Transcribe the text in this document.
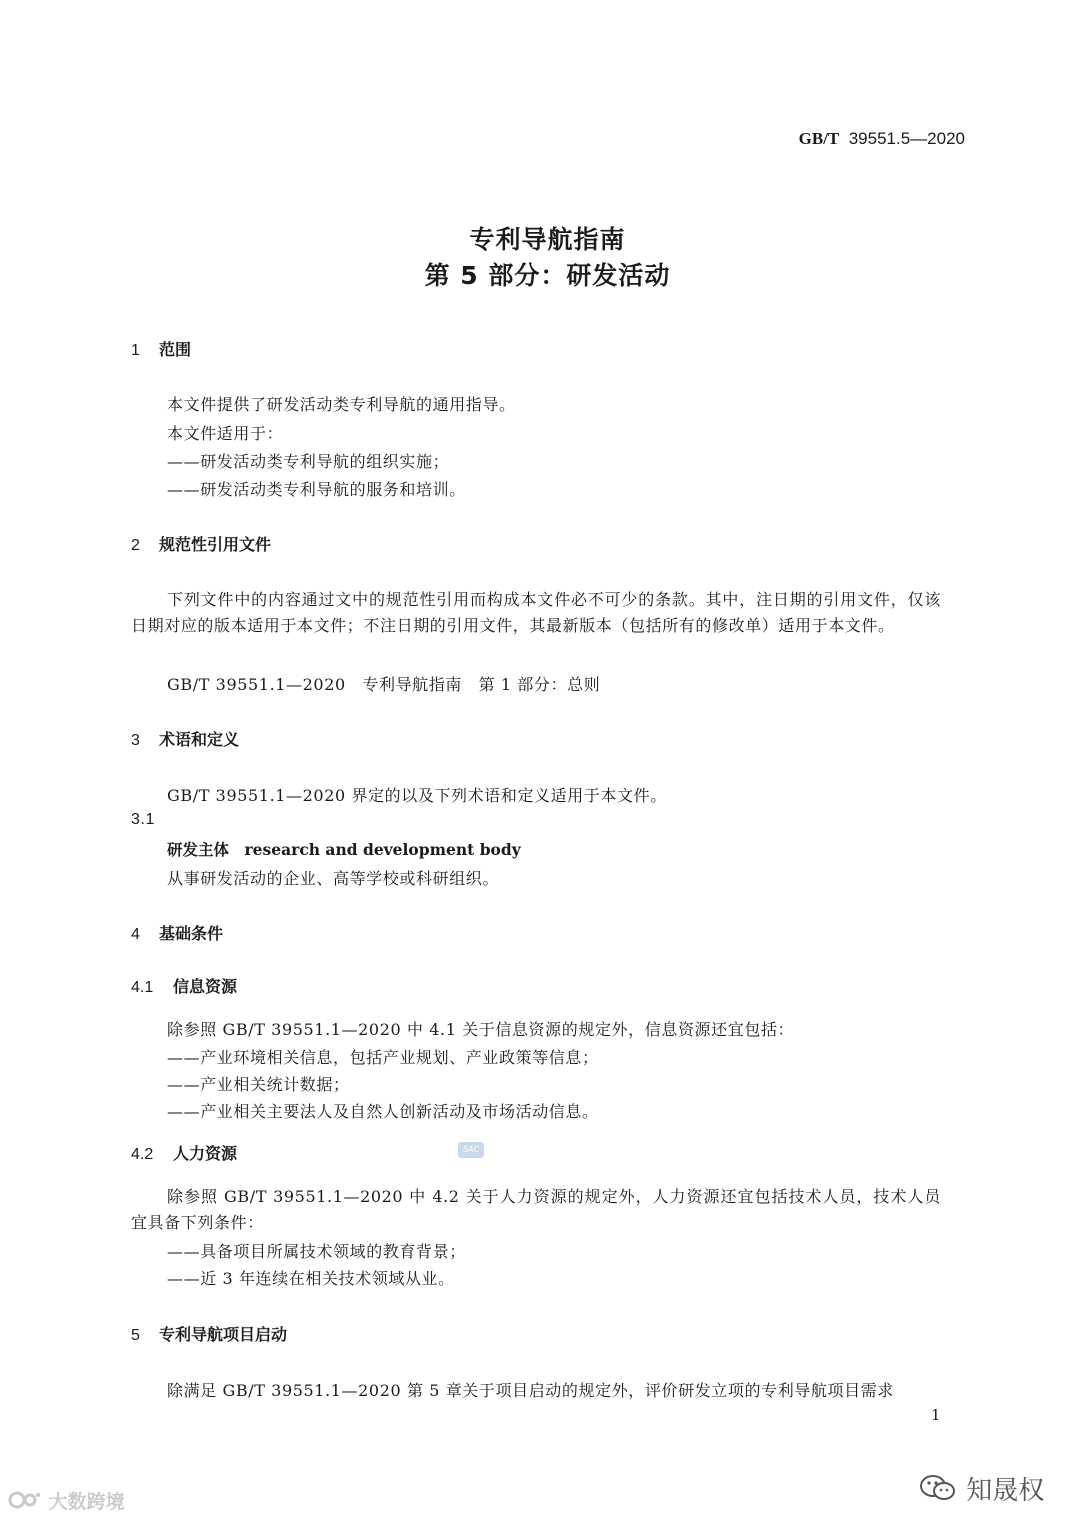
GB/T 39551.5—2020
专利导航指南
第 5 部分：研发活动
1 范围
本文件提供了研发活动类专利导航的通用指导。
本文件适用于：
——研发活动类专利导航的组织实施；
——研发活动类专利导航的服务和培训。
2 规范性引用文件
下列文件中的内容通过文中的规范性引用而构成本文件必不可少的条款。其中，注日期的引用文件，仅该日期对应的版本适用于本文件；不注日期的引用文件，其最新版本（包括所有的修改单）适用于本文件。
GB/T 39551.1—2020　专利导航指南　第 1 部分：总则
3 术语和定义
GB/T 39551.1—2020 界定的以及下列术语和定义适用于本文件。
3.1
研发主体　research and development body
从事研发活动的企业、高等学校或科研组织。
4 基础条件
4.1 信息资源
除参照 GB/T 39551.1—2020 中 4.1 关于信息资源的规定外，信息资源还宜包括：
——产业环境相关信息，包括产业规划、产业政策等信息；
——产业相关统计数据；
——产业相关主要法人及自然人创新活动及市场活动信息。
4.2 人力资源
除参照 GB/T 39551.1—2020 中 4.2 关于人力资源的规定外，人力资源还宜包括技术人员，技术人员宜具备下列条件：
——具备项目所属技术领域的教育背景；
——近 3 年连续在相关技术领域从业。
5 专利导航项目启动
除满足 GB/T 39551.1—2020 第 5 章关于项目启动的规定外，评价研发立项的专利导航项目需求
1
SAC
大数跨境	知晟权
